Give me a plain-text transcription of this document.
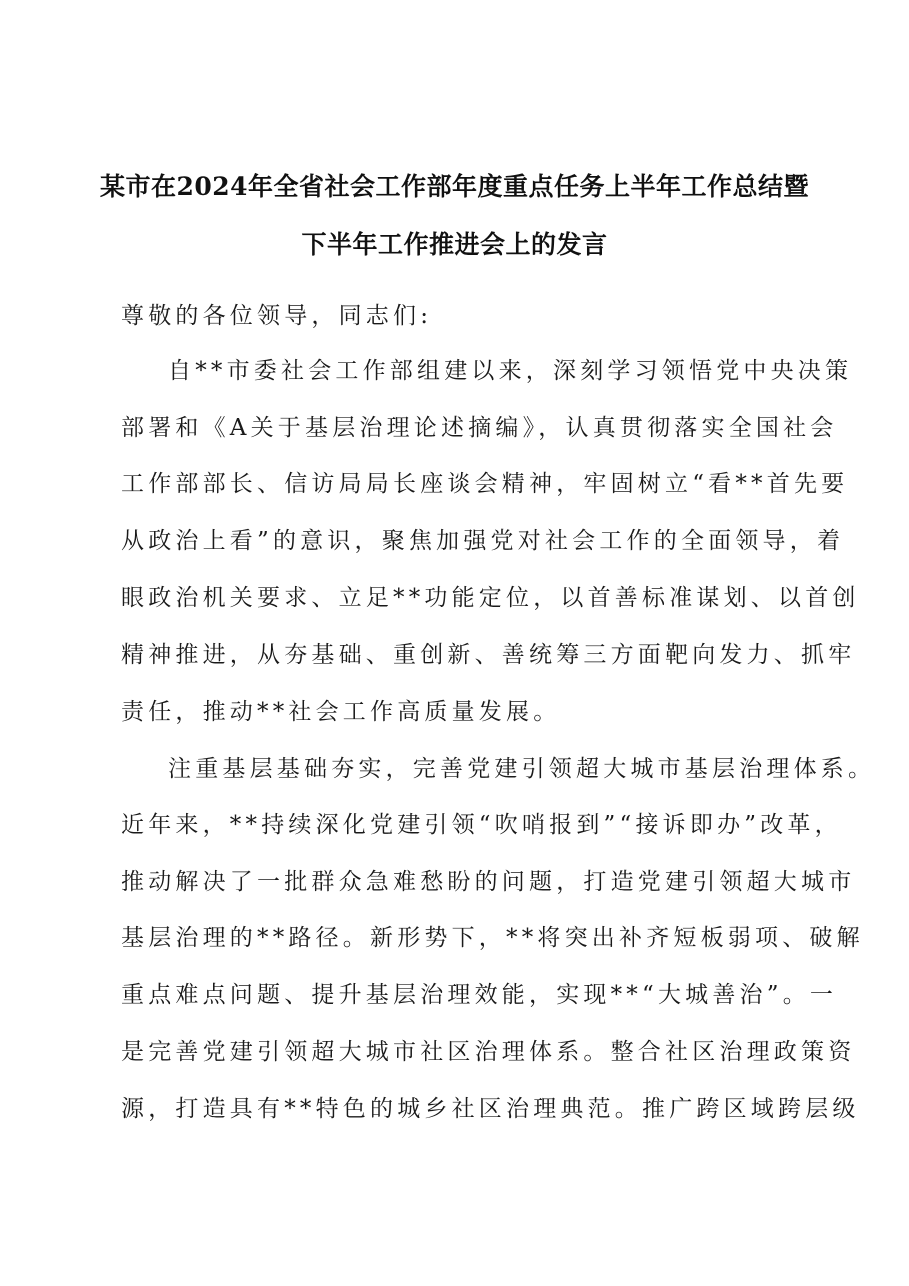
某市在2024年全省社会工作部年度重点任务上半年工作总结暨
下半年工作推进会上的发言
尊敬的各位领导，同志们:
自**市委社会工作部组建以来，深刻学习领悟党中央决策
部署和《A关于基层治理论述摘编》，认真贯彻落实全国社会
工作部部长、信访局局长座谈会精神，牢固树立“看**首先要
从政治上看”的意识，聚焦加强党对社会工作的全面领导，着
眼政治机关要求、立足**功能定位，以首善标准谋划、以首创
精神推进，从夯基础、重创新、善统筹三方面靶向发力、抓牢
责任，推动**社会工作高质量发展。
注重基层基础夯实，完善党建引领超大城市基层治理体系。
近年来，**持续深化党建引领“吹哨报到”“接诉即办”改革，
推动解决了一批群众急难愁盼的问题，打造党建引领超大城市
基层治理的**路径。新形势下，**将突出补齐短板弱项、破解
重点难点问题、提升基层治理效能，实现**“大城善治”。一
是完善党建引领超大城市社区治理体系。整合社区治理政策资
源，打造具有**特色的城乡社区治理典范。推广跨区域跨层级
